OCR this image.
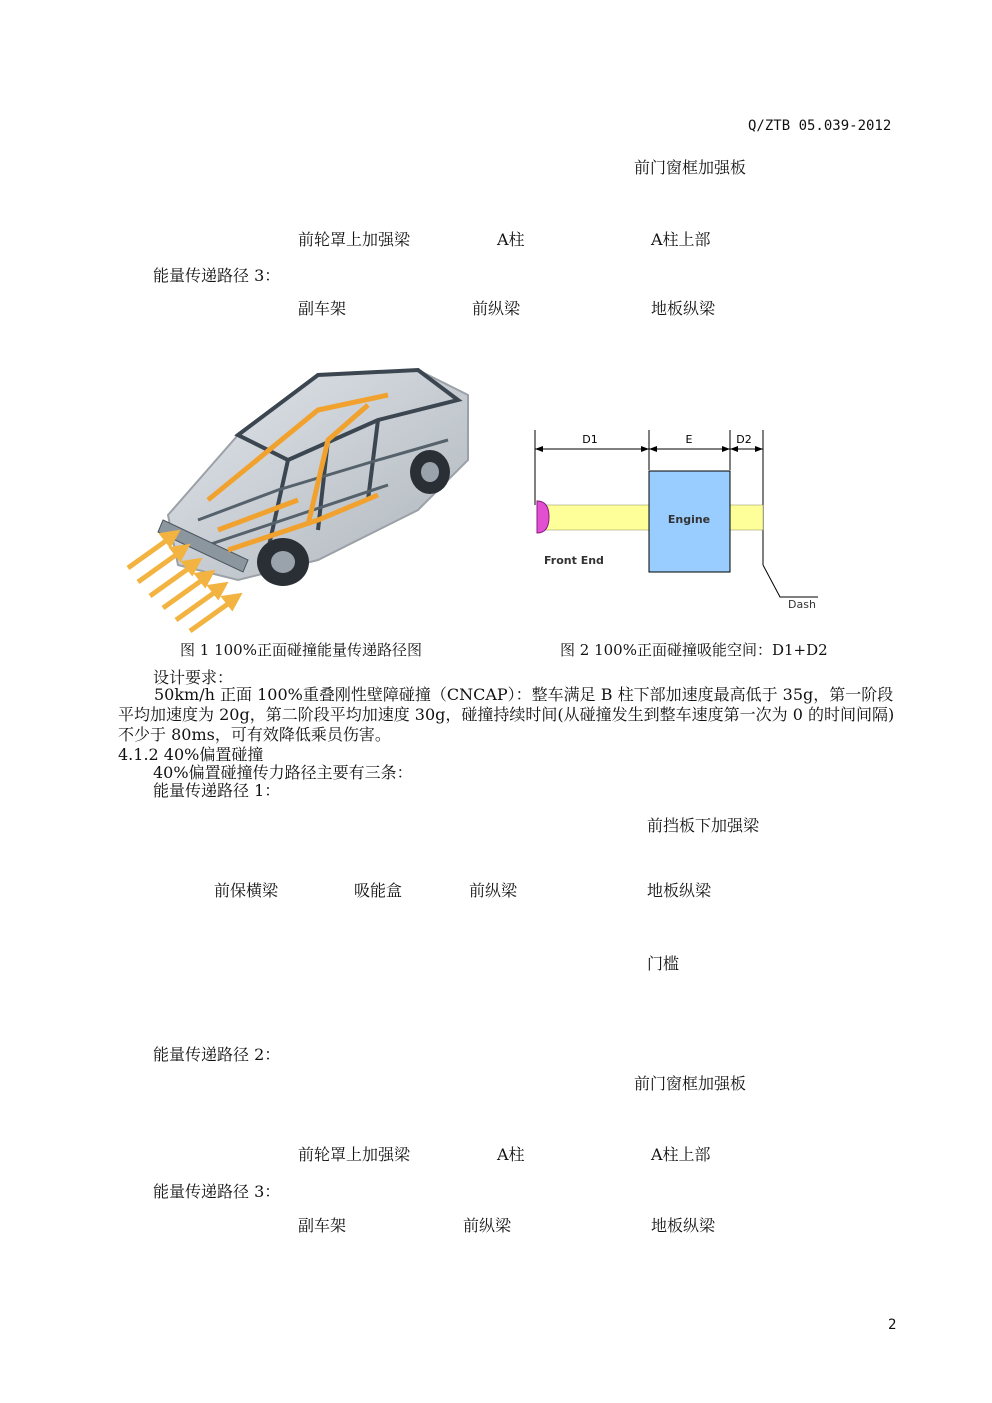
Q/ZTB 05.039-2012
前门窗框加强板
前轮罩上加强梁	A柱	A柱上部
能量传递路径 3：
副车架	前纵梁	地板纵梁
D1	E	D2
Engine
Front End
Dash
图 1 100%正面碰撞能量传递路径图	图 2 100%正面碰撞吸能空间：D1+D2
设计要求：
50km/h 正面 100%重叠刚性壁障碰撞（CNCAP）：整车满足 B 柱下部加速度最高低于 35g，第一阶段平均加速度为 20g，第二阶段平均加速度 30g，碰撞持续时间(从碰撞发生到整车速度第一次为 0 的时间间隔)不少于 80ms，可有效降低乘员伤害。
4.1.2 40%偏置碰撞
40%偏置碰撞传力路径主要有三条：
能量传递路径 1：
前挡板下加强梁
前保横梁	吸能盒	前纵梁	地板纵梁
门槛
能量传递路径 2：
前门窗框加强板
前轮罩上加强梁	A柱	A柱上部
能量传递路径 3：
副车架	前纵梁	地板纵梁
2
